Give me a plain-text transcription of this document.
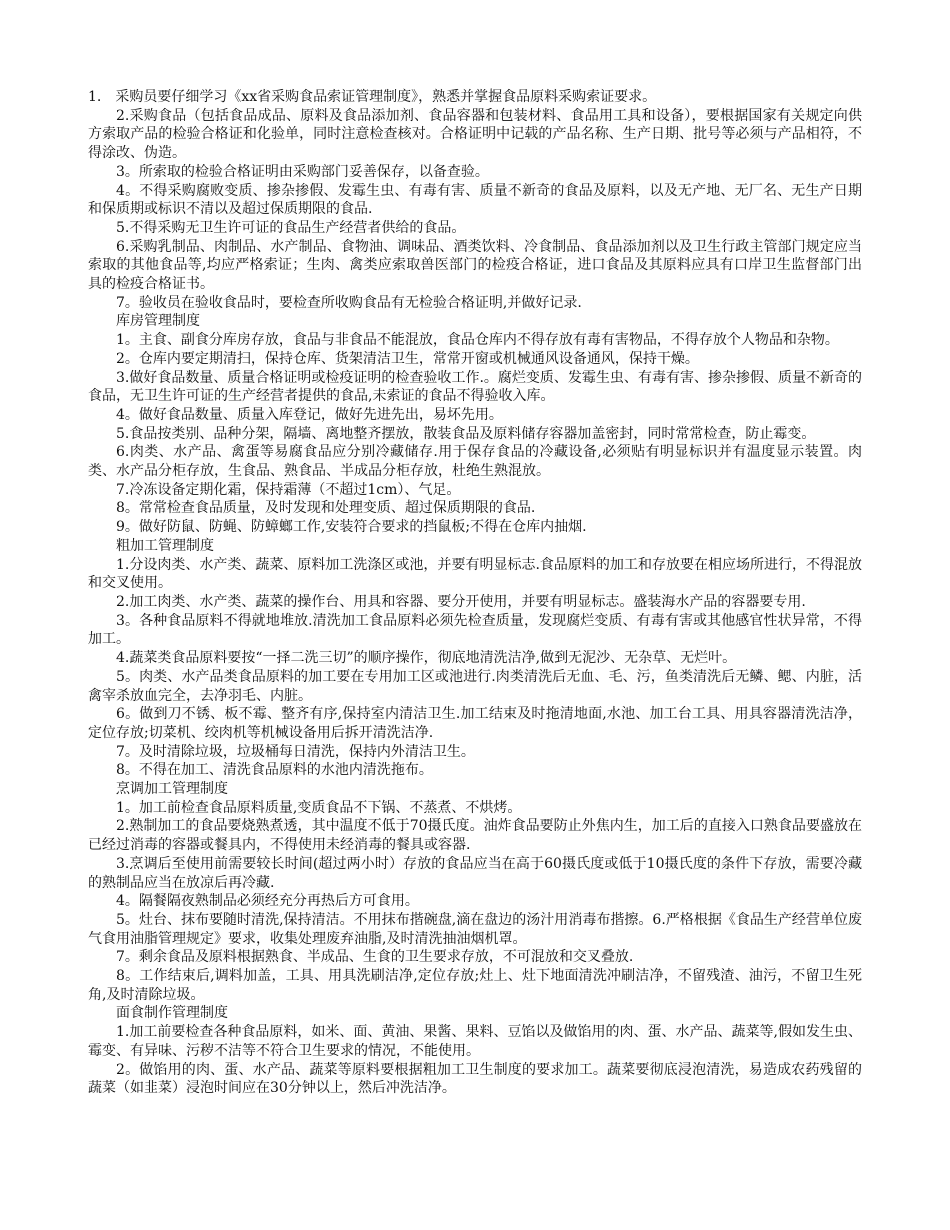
1.　采购员要仔细学习《xx省采购食品索证管理制度》，熟悉并掌握食品原料采购索证要求。

2.采购食品（包括食品成品、原料及食品添加剂、食品容器和包装材料、食品用工具和设备），要根据国家有关规定向供方索取产品的检验合格证和化验单，同时注意检查核对。合格证明中记载的产品名称、生产日期、批号等必须与产品相符，不得涂改、伪造。

3。所索取的检验合格证明由采购部门妥善保存，以备查验。

4。不得采购腐败变质、掺杂掺假、发霉生虫、有毒有害、质量不新奇的食品及原料，以及无产地、无厂名、无生产日期和保质期或标识不清以及超过保质期限的食品.

5.不得采购无卫生许可证的食品生产经营者供给的食品。

6.采购乳制品、肉制品、水产制品、食物油、调味品、酒类饮料、冷食制品、食品添加剂以及卫生行政主管部门规定应当索取的其他食品等,均应严格索证；生肉、禽类应索取兽医部门的检疫合格证，进口食品及其原料应具有口岸卫生监督部门出具的检疫合格证书。

7。验收员在验收食品时，要检查所收购食品有无检验合格证明,并做好记录.

库房管理制度

1。主食、副食分库房存放，食品与非食品不能混放，食品仓库内不得存放有毒有害物品，不得存放个人物品和杂物。

2。仓库内要定期清扫，保持仓库、货架清洁卫生，常常开窗或机械通风设备通风，保持干燥。

3.做好食品数量、质量合格证明或检疫证明的检查验收工作.。腐烂变质、发霉生虫、有毒有害、掺杂掺假、质量不新奇的食品，无卫生许可证的生产经营者提供的食品,未索证的食品不得验收入库。

4。做好食品数量、质量入库登记，做好先进先出，易坏先用。

5.食品按类别、品种分架，隔墙、离地整齐摆放，散装食品及原料储存容器加盖密封，同时常常检查，防止霉变。

6.肉类、水产品、禽蛋等易腐食品应分别冷藏储存.用于保存食品的冷藏设备,必须贴有明显标识并有温度显示装置。肉类、水产品分柜存放，生食品、熟食品、半成品分柜存放，杜绝生熟混放。

7.冷冻设备定期化霜，保持霜薄（不超过1cm）、气足。

8。常常检查食品质量，及时发现和处理变质、超过保质期限的食品.

9。做好防鼠、防蝇、防蟑螂工作,安装符合要求的挡鼠板;不得在仓库内抽烟.

粗加工管理制度

1.分设肉类、水产类、蔬菜、原料加工洗涤区或池，并要有明显标志.食品原料的加工和存放要在相应场所进行，不得混放和交叉使用。

2.加工肉类、水产类、蔬菜的操作台、用具和容器、要分开使用，并要有明显标志。盛装海水产品的容器要专用.

3。各种食品原料不得就地堆放.清洗加工食品原料必须先检查质量，发现腐烂变质、有毒有害或其他感官性状异常，不得加工。

4.蔬菜类食品原料要按“一择二洗三切”的顺序操作，彻底地清洗洁净,做到无泥沙、无杂草、无烂叶。

5。肉类、水产品类食品原料的加工要在专用加工区或池进行.肉类清洗后无血、毛、污，鱼类清洗后无鳞、鳃、内脏，活禽宰杀放血完全，去净羽毛、内脏。

6。做到刀不锈、板不霉、整齐有序,保持室内清洁卫生.加工结束及时拖清地面,水池、加工台工具、用具容器清洗洁净，定位存放;切菜机、绞肉机等机械设备用后拆开清洗洁净.

7。及时清除垃圾，垃圾桶每日清洗，保持内外清洁卫生。

8。不得在加工、清洗食品原料的水池内清洗拖布。

烹调加工管理制度

1。加工前检查食品原料质量,变质食品不下锅、不蒸煮、不烘烤。

2.熟制加工的食品要烧熟煮透，其中温度不低于70摄氏度。油炸食品要防止外焦内生，加工后的直接入口熟食品要盛放在已经过消毒的容器或餐具内，不得使用未经消毒的餐具或容器.

3.烹调后至使用前需要较长时间(超过两小时）存放的食品应当在高于60摄氏度或低于10摄氏度的条件下存放，需要冷藏的熟制品应当在放凉后再冷藏.

4。隔餐隔夜熟制品必须经充分再热后方可食用。

5。灶台、抹布要随时清洗,保持清洁。不用抹布揩碗盘,滴在盘边的汤汁用消毒布揩擦。6.严格根据《食品生产经营单位废气食用油脂管理规定》要求，收集处理废弃油脂,及时清洗抽油烟机罩。

7。剩余食品及原料根据熟食、半成品、生食的卫生要求存放，不可混放和交叉叠放.

8。工作结束后,调料加盖，工具、用具洗刷洁净,定位存放;灶上、灶下地面清洗冲刷洁净，不留残渣、油污，不留卫生死角,及时清除垃圾。

面食制作管理制度

1.加工前要检查各种食品原料，如米、面、黄油、果酱、果料、豆馅以及做馅用的肉、蛋、水产品、蔬菜等,假如发生虫、霉变、有异味、污秽不洁等不符合卫生要求的情况，不能使用。

2。做馅用的肉、蛋、水产品、蔬菜等原料要根据粗加工卫生制度的要求加工。蔬菜要彻底浸泡清洗，易造成农药残留的蔬菜（如韭菜）浸泡时间应在30分钟以上，然后冲洗洁净。
